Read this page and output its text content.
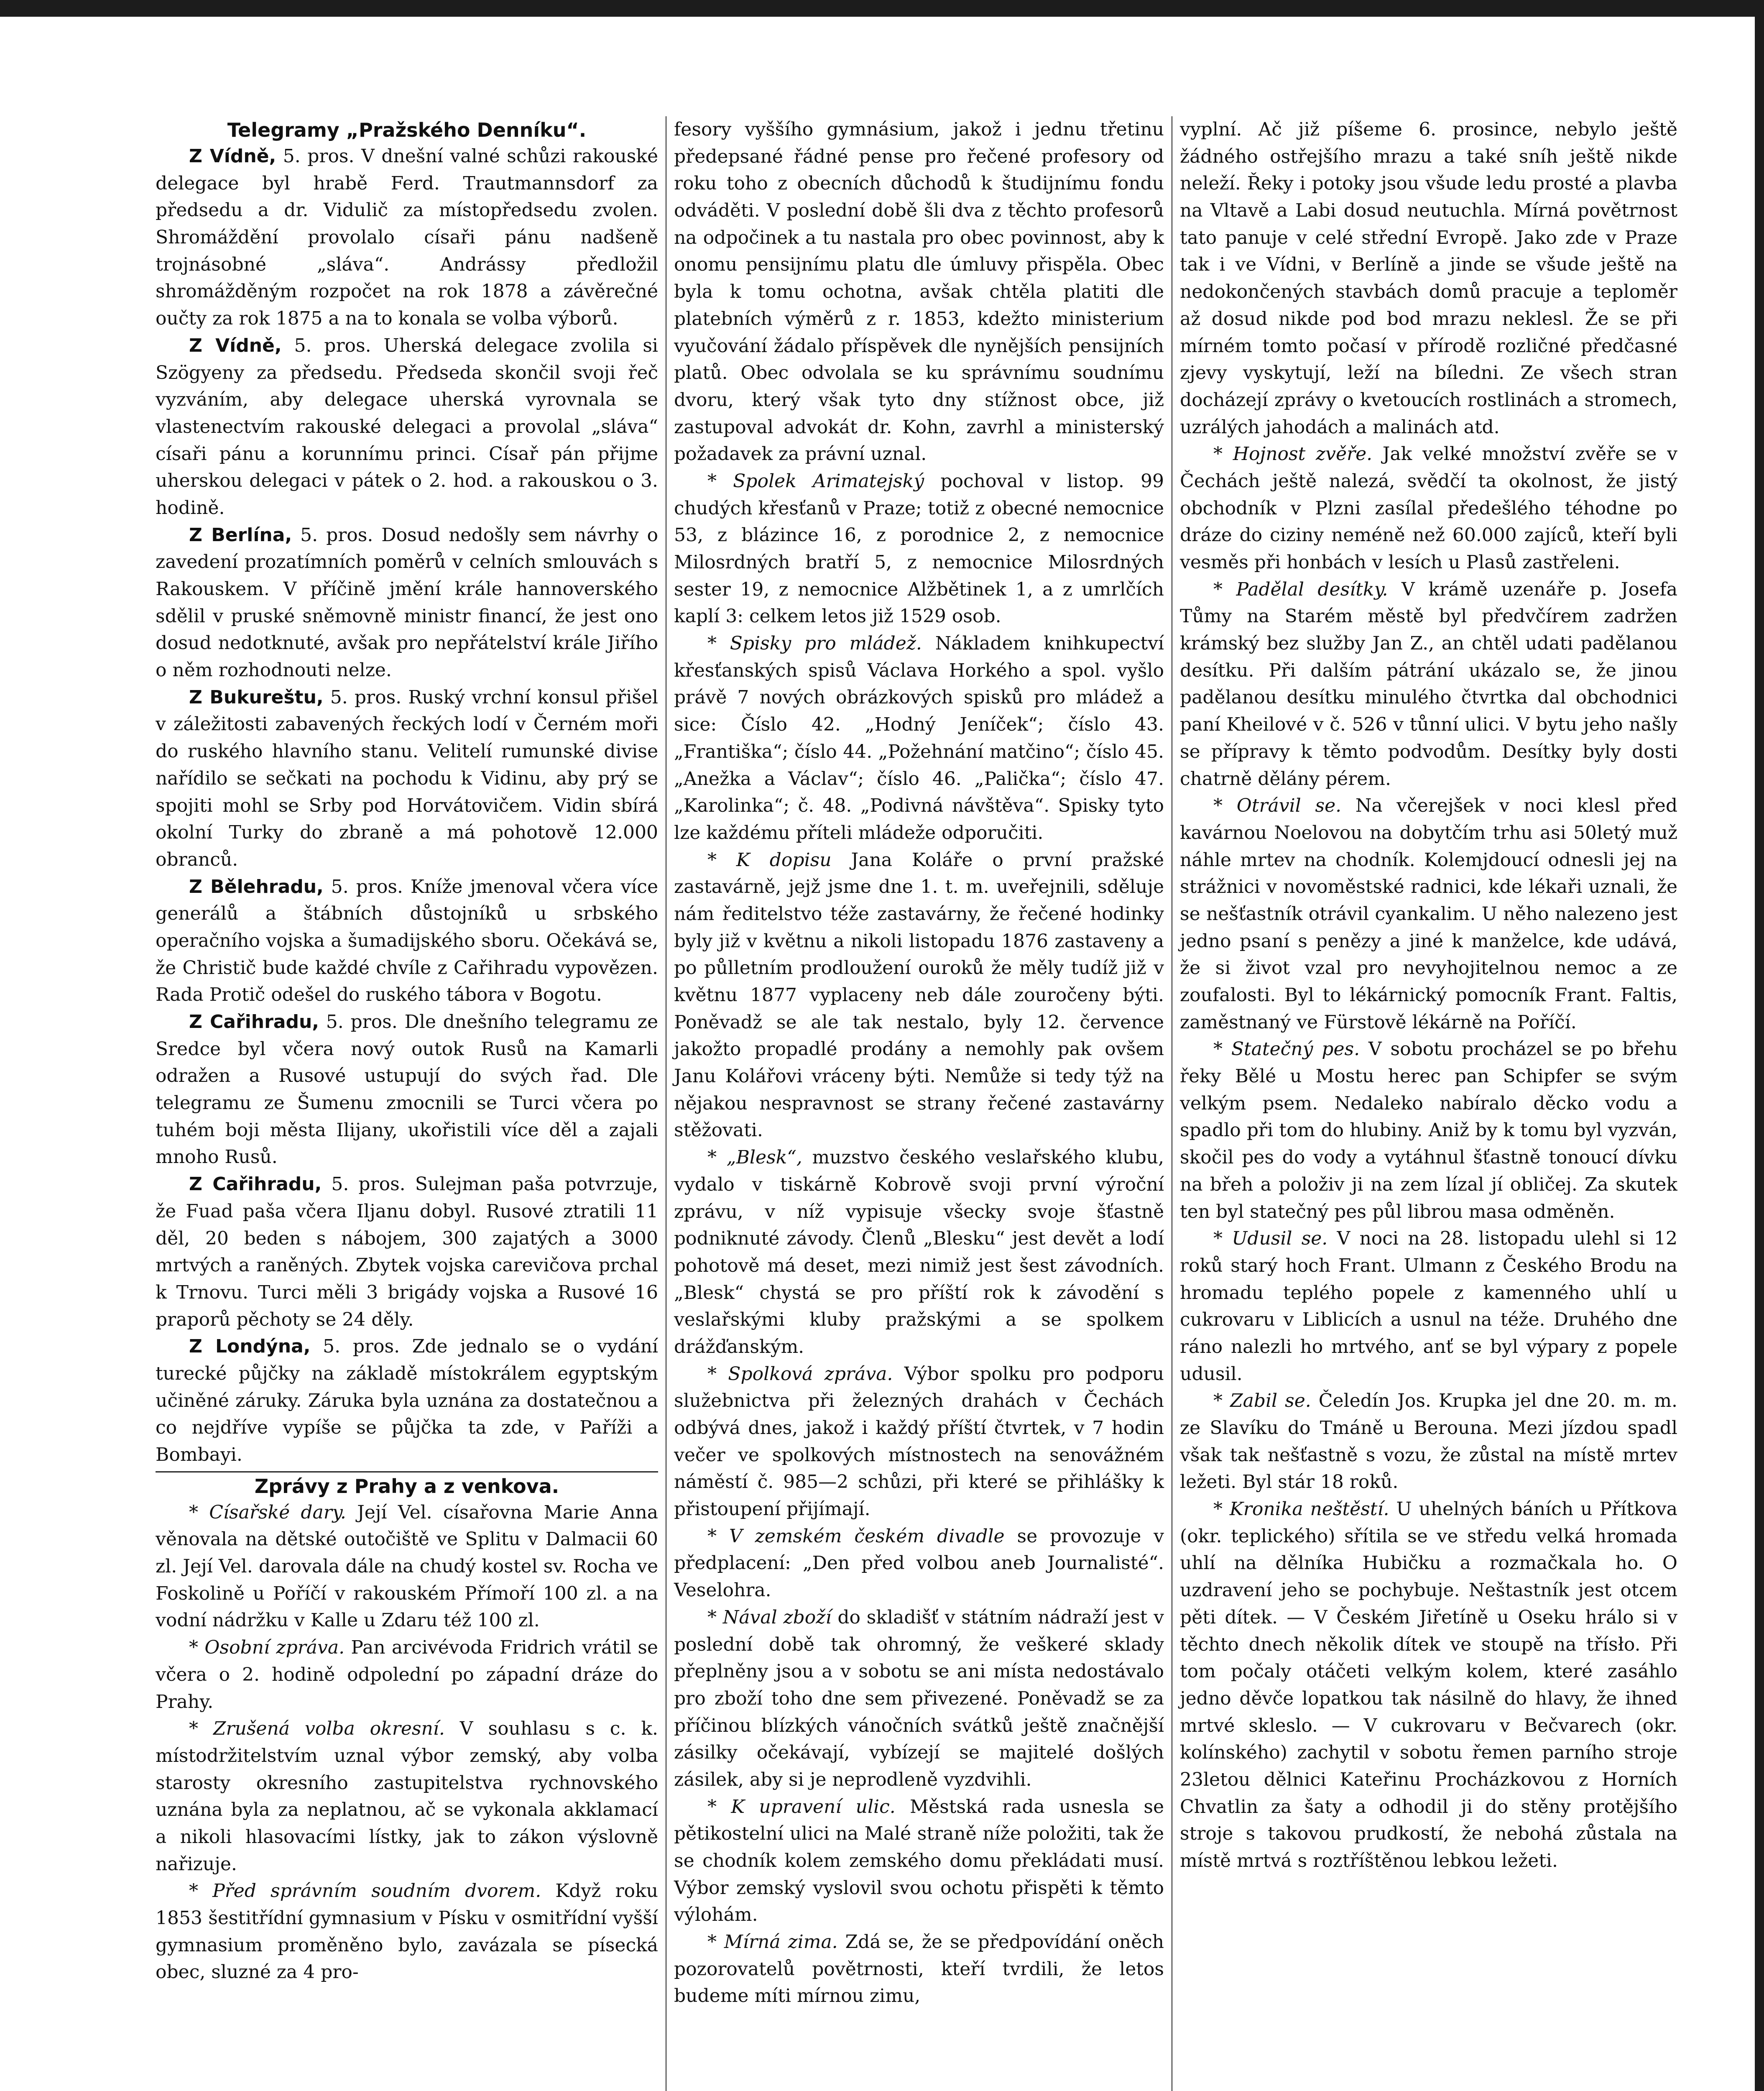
Telegramy „Pražského Denníku“.

Z Vídně, 5. pros. V dnešní valné schůzi rakouské delegace byl hrabě Ferd. Trautmannsdorf za předsedu a dr. Vidulič za místopředsedu zvolen. Shromáždění provolalo císaři pánu nadšeně trojnásobné „sláva“. Andrássy předložil shromážděným rozpočet na rok 1878 a závěrečné oučty za rok 1875 a na to konala se volba výborů.

Z Vídně, 5. pros. Uherská delegace zvolila si Szögyeny za předsedu. Předseda skončil svoji řeč vyzváním, aby delegace uherská vyrovnala se vlastenectvím rakouské delegaci a provolal „sláva“ císaři pánu a korunnímu princi. Císař pán přijme uherskou delegaci v pátek o 2. hod. a rakouskou o 3. hodině.

Z Berlína, 5. pros. Dosud nedošly sem návrhy o zavedení prozatímních poměrů v celních smlouvách s Rakouskem. V příčině jmění krále hannoverského sdělil v pruské sněmovně ministr financí, že jest ono dosud nedotknuté, avšak pro nepřátelství krále Jiřího o něm rozhodnouti nelze.

Z Bukureštu, 5. pros. Ruský vrchní konsul přišel v záležitosti zabavených řeckých lodí v Černém moři do ruského hlavního stanu. Velitelí rumunské divise nařídilo se sečkati na pochodu k Vidinu, aby prý se spojiti mohl se Srby pod Horvátovičem. Vidin sbírá okolní Turky do zbraně a má pohotově 12.000 obranců.

Z Bělehradu, 5. pros. Kníže jmenoval včera více generálů a štábních důstojníků u srbského operačního vojska a šumadijského sboru. Očekává se, že Christič bude každé chvíle z Cařihradu vypovězen. Rada Protič odešel do ruského tábora v Bogotu.

Z Cařihradu, 5. pros. Dle dnešního telegramu ze Sredce byl včera nový outok Rusů na Kamarli odražen a Rusové ustupují do svých řad. Dle telegramu ze Šumenu zmocnili se Turci včera po tuhém boji města Ilijany, ukořistili více děl a zajali mnoho Rusů.

Z Cařihradu, 5. pros. Sulejman paša potvrzuje, že Fuad paša včera Iljanu dobyl. Rusové ztratili 11 děl, 20 beden s nábojem, 300 zajatých a 3000 mrtvých a raněných. Zbytek vojska carevičova prchal k Trnovu. Turci měli 3 brigády vojska a Rusové 16 praporů pěchoty se 24 děly.

Z Londýna, 5. pros. Zde jednalo se o vydání turecké půjčky na základě místokrálem egyptským učiněné záruky. Záruka byla uznána za dostatečnou a co nejdříve vypíše se půjčka ta zde, v Paříži a Bombayi.

Zprávy z Prahy a z venkova.

* Císařské dary. Její Vel. císařovna Marie Anna věnovala na dětské outočiště ve Splitu v Dalmacii 60 zl. Její Vel. darovala dále na chudý kostel sv. Rocha ve Foskolině u Poříčí v rakouském Přímoří 100 zl. a na vodní nádržku v Kalle u Zdaru též 100 zl.

* Osobní zpráva. Pan arcivévoda Fridrich vrátil se včera o 2. hodině odpolední po západní dráze do Prahy.

* Zrušená volba okresní. V souhlasu s c. k. místodržitelstvím uznal výbor zemský, aby volba starosty okresního zastupitelstva rychnovského uznána byla za neplatnou, ač se vykonala akklamací a nikoli hlasovacími lístky, jak to zákon výslovně nařizuje.

* Před správním soudním dvorem. Když roku 1853 šestitřídní gymnasium v Písku v osmitřídní vyšší gymnasium proměněno bylo, zavázala se písecká obec, sluzné za 4 pro-

fesory vyššího gymnásium, jakož i jednu třetinu předepsané řádné pense pro řečené profesory od roku toho z obecních důchodů k študijnímu fondu odváděti. V poslední době šli dva z těchto profesorů na odpočinek a tu nastala pro obec povinnost, aby k onomu pensijnímu platu dle úmluvy přispěla. Obec byla k tomu ochotna, avšak chtěla platiti dle platebních výměrů z r. 1853, kdežto ministerium vyučování žádalo příspěvek dle nynějších pensijních platů. Obec odvolala se ku správnímu soudnímu dvoru, který však tyto dny stížnost obce, již zastupoval advokát dr. Kohn, zavrhl a ministerský požadavek za právní uznal.

* Spolek Arimatejský pochoval v listop. 99 chudých křesťanů v Praze; totiž z obecné nemocnice 53, z blázince 16, z porodnice 2, z nemocnice Milosrdných bratří 5, z nemocnice Milosrdných sester 19, z nemocnice Alžbětinek 1, a z umrlčích kaplí 3: celkem letos již 1529 osob.

* Spisky pro mládež. Nákladem knihkupectví křesťanských spisů Václava Horkého a spol. vyšlo právě 7 nových obrázkových spisků pro mládež a sice: Číslo 42. „Hodný Jeníček“; číslo 43. „Františka“; číslo 44. „Požehnání matčino“; číslo 45. „Anežka a Václav“; číslo 46. „Palička“; číslo 47. „Karolinka“; č. 48. „Podivná návštěva“. Spisky tyto lze každému příteli mládeže odporučiti.

* K dopisu Jana Koláře o první pražské zastavárně, jejž jsme dne 1. t. m. uveřejnili, sděluje nám ředitelstvo téže zastavárny, že řečené hodinky byly již v květnu a nikoli listopadu 1876 zastaveny a po půlletním prodloužení ouroků že měly tudíž již v květnu 1877 vyplaceny neb dále zouročeny býti. Poněvadž se ale tak nestalo, byly 12. července jakožto propadlé prodány a nemohly pak ovšem Janu Kolářovi vráceny býti. Nemůže si tedy týž na nějakou nespravnost se strany řečené zastavárny stěžovati.

* „Blesk“, muzstvo českého veslařského klubu, vydalo v tiskárně Kobrově svoji první výroční zprávu, v níž vypisuje všecky svoje šťastně podniknuté závody. Členů „Blesku“ jest devět a lodí pohotově má deset, mezi nimiž jest šest závodních. „Blesk“ chystá se pro příští rok k závodění s veslařskými kluby pražskými a se spolkem drážďanským.

* Spolková zpráva. Výbor spolku pro podporu služebnictva při železných drahách v Čechách odbývá dnes, jakož i každý příští čtvrtek, v 7 hodin večer ve spolkových místnostech na senovážném náměstí č. 985—2 schůzi, při které se přihlášky k přistoupení přijímají.

* V zemském českém divadle se provozuje v předplacení: „Den před volbou aneb Journalisté“. Veselohra.

* Nával zboží do skladišť v státním nádraží jest v poslední době tak ohromný, že veškeré sklady přeplněny jsou a v sobotu se ani místa nedostávalo pro zboží toho dne sem přivezené. Poněvadž se za příčinou blízkých vánočních svátků ještě značnější zásilky očekávají, vybízejí se majitelé došlých zásilek, aby si je neprodleně vyzdvihli.

* K upravení ulic. Městská rada usnesla se pětikostelní ulici na Malé straně níže položiti, tak že se chodník kolem zemského domu překládati musí. Výbor zemský vyslovil svou ochotu přispěti k těmto výlohám.

* Mírná zima. Zdá se, že se předpovídání oněch pozorovatelů povětrnosti, kteří tvrdili, že letos budeme míti mírnou zimu,

vyplní. Ač již píšeme 6. prosince, nebylo ještě žádného ostřejšího mrazu a také sníh ještě nikde neleží. Řeky i potoky jsou všude ledu prosté a plavba na Vltavě a Labi dosud neutuchla. Mírná povětrnost tato panuje v celé střední Evropě. Jako zde v Praze tak i ve Vídni, v Berlíně a jinde se všude ještě na nedokončených stavbách domů pracuje a teploměr až dosud nikde pod bod mrazu neklesl. Že se při mírném tomto počasí v přírodě rozličné předčasné zjevy vyskytují, leží na bíledni. Ze všech stran docházejí zprávy o kvetoucích rostlinách a stromech, uzrálých jahodách a malinách atd.

* Hojnost zvěře. Jak velké množství zvěře se v Čechách ještě nalezá, svědčí ta okolnost, že jistý obchodník v Plzni zasílal předešlého téhodne po dráze do ciziny neméně než 60.000 zajíců, kteří byli vesměs při honbách v lesích u Plasů zastřeleni.

* Padělal desítky. V krámě uzenáře p. Josefa Tůmy na Starém městě byl předvčírem zadržen krámský bez služby Jan Z., an chtěl udati padělanou desítku. Při dalším pátrání ukázalo se, že jinou padělanou desítku minulého čtvrtka dal obchodnici paní Kheilové v č. 526 v tůnní ulici. V bytu jeho našly se přípravy k těmto podvodům. Desítky byly dosti chatrně dělány pérem.

* Otrávil se. Na včerejšek v noci klesl před kavárnou Noelovou na dobytčím trhu asi 50letý muž náhle mrtev na chodník. Kolemjdoucí odnesli jej na strážnici v novoměstské radnici, kde lékaři uznali, že se nešťastník otrávil cyankalim. U něho nalezeno jest jedno psaní s penězy a jiné k manželce, kde udává, že si život vzal pro nevyhojitelnou nemoc a ze zoufalosti. Byl to lékárnický pomocník Frant. Faltis, zaměstnaný ve Fürstově lékárně na Poříčí.

* Statečný pes. V sobotu procházel se po břehu řeky Bělé u Mostu herec pan Schipfer se svým velkým psem. Nedaleko nabíralo děcko vodu a spadlo při tom do hlubiny. Aniž by k tomu byl vyzván, skočil pes do vody a vytáhnul šťastně tonoucí dívku na břeh a položiv ji na zem lízal jí obličej. Za skutek ten byl statečný pes půl librou masa odměněn.

* Udusil se. V noci na 28. listopadu ulehl si 12 roků starý hoch Frant. Ulmann z Českého Brodu na hromadu teplého popele z kamenného uhlí u cukrovaru v Liblicích a usnul na téže. Druhého dne ráno nalezli ho mrtvého, anť se byl výpary z popele udusil.

* Zabil se. Čeledín Jos. Krupka jel dne 20. m. m. ze Slavíku do Tmáně u Berouna. Mezi jízdou spadl však tak nešťastně s vozu, že zůstal na místě mrtev ležeti. Byl stár 18 roků.

* Kronika neštěstí. U uhelných báních u Přítkova (okr. teplického) sřítila se ve středu velká hromada uhlí na dělníka Hubičku a rozmačkala ho. O uzdravení jeho se pochybuje. Neštastník jest otcem pěti dítek. — V Českém Jiřetíně u Oseku hrálo si v těchto dnech několik dítek ve stoupě na třísło. Při tom počaly otáčeti velkým kolem, které zasáhlo jedno děvče lopatkou tak násilně do hlavy, že ihned mrtvé skleslo. — V cukrovaru v Bečvarech (okr. kolínského) zachytil v sobotu řemen parního stroje 23letou dělnici Kateřinu Procházkovou z Horních Chvatlin za šaty a odhodil ji do stěny protějšího stroje s takovou prudkostí, že nebohá zůstala na místě mrtvá s roztříštěnou lebkou ležeti.
